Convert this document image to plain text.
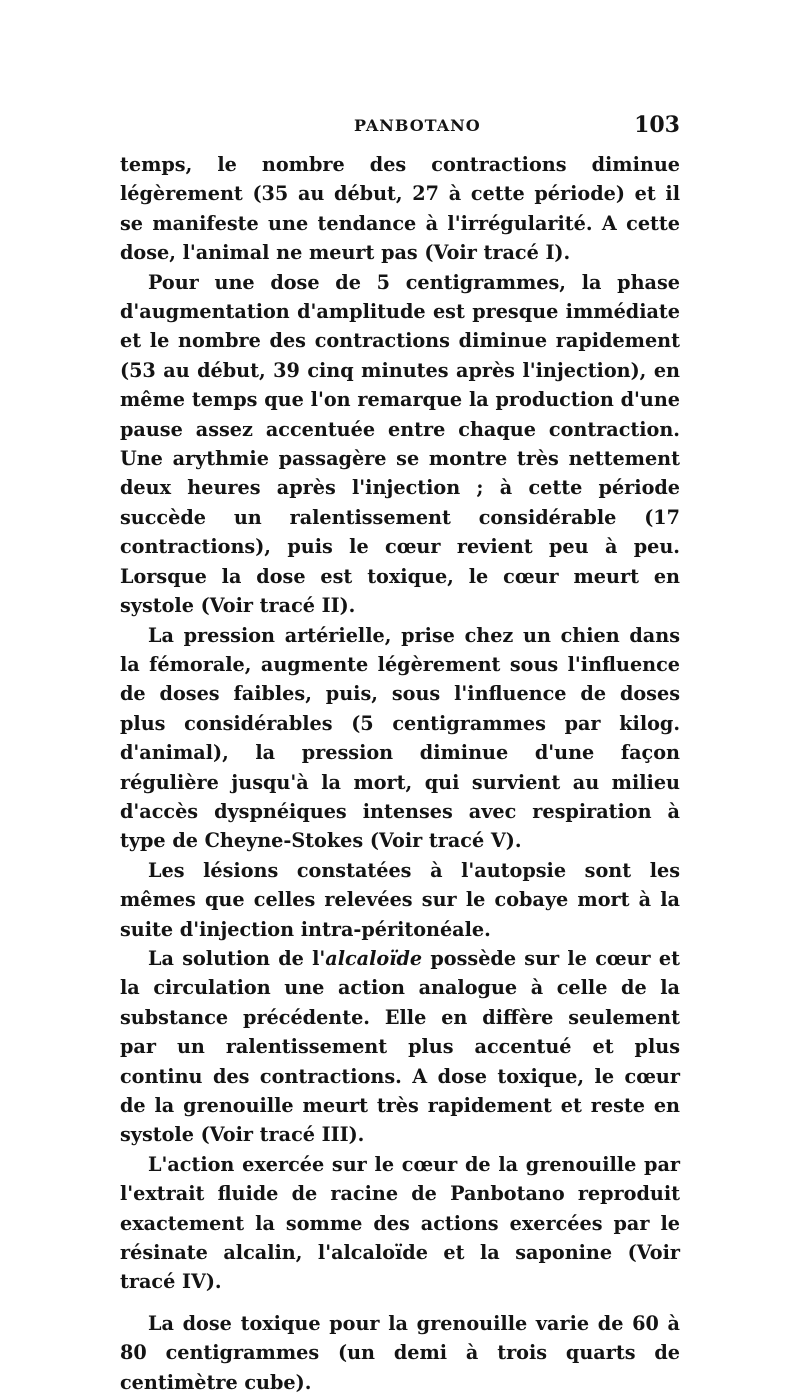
PANBOTANO	103

temps, le nombre des contractions diminue légèrement (35 au début, 27 à cette période) et il se manifeste une tendance à l'irrégularité. A cette dose, l'animal ne meurt pas (Voir tracé I).

Pour une dose de 5 centigrammes, la phase d'augmentation d'amplitude est presque immédiate et le nombre des contractions diminue rapidement (53 au début, 39 cinq minutes après l'injection), en même temps que l'on remarque la production d'une pause assez accentuée entre chaque contraction. Une arythmie passagère se montre très nettement deux heures après l'injection ; à cette période succède un ralentissement considérable (17 contractions), puis le cœur revient peu à peu. Lorsque la dose est toxique, le cœur meurt en systole (Voir tracé II).

La pression artérielle, prise chez un chien dans la fémorale, augmente légèrement sous l'influence de doses faibles, puis, sous l'influence de doses plus considérables (5 centigrammes par kilog. d'animal), la pression diminue d'une façon régulière jusqu'à la mort, qui survient au milieu d'accès dyspnéiques intenses avec respiration à type de Cheyne-Stokes (Voir tracé V).

Les lésions constatées à l'autopsie sont les mêmes que celles relevées sur le cobaye mort à la suite d'injection intra-péritonéale.

La solution de l'alcaloïde possède sur le cœur et la circulation une action analogue à celle de la substance précédente. Elle en diffère seulement par un ralentissement plus accentué et plus continu des contractions. A dose toxique, le cœur de la grenouille meurt très rapidement et reste en systole (Voir tracé III).

L'action exercée sur le cœur de la grenouille par l'extrait fluide de racine de Panbotano reproduit exactement la somme des actions exercées par le résinate alcalin, l'alcaloïde et la saponine (Voir tracé IV).

La dose toxique pour la grenouille varie de 60 à 80 centigrammes (un demi à trois quarts de centimètre cube).
